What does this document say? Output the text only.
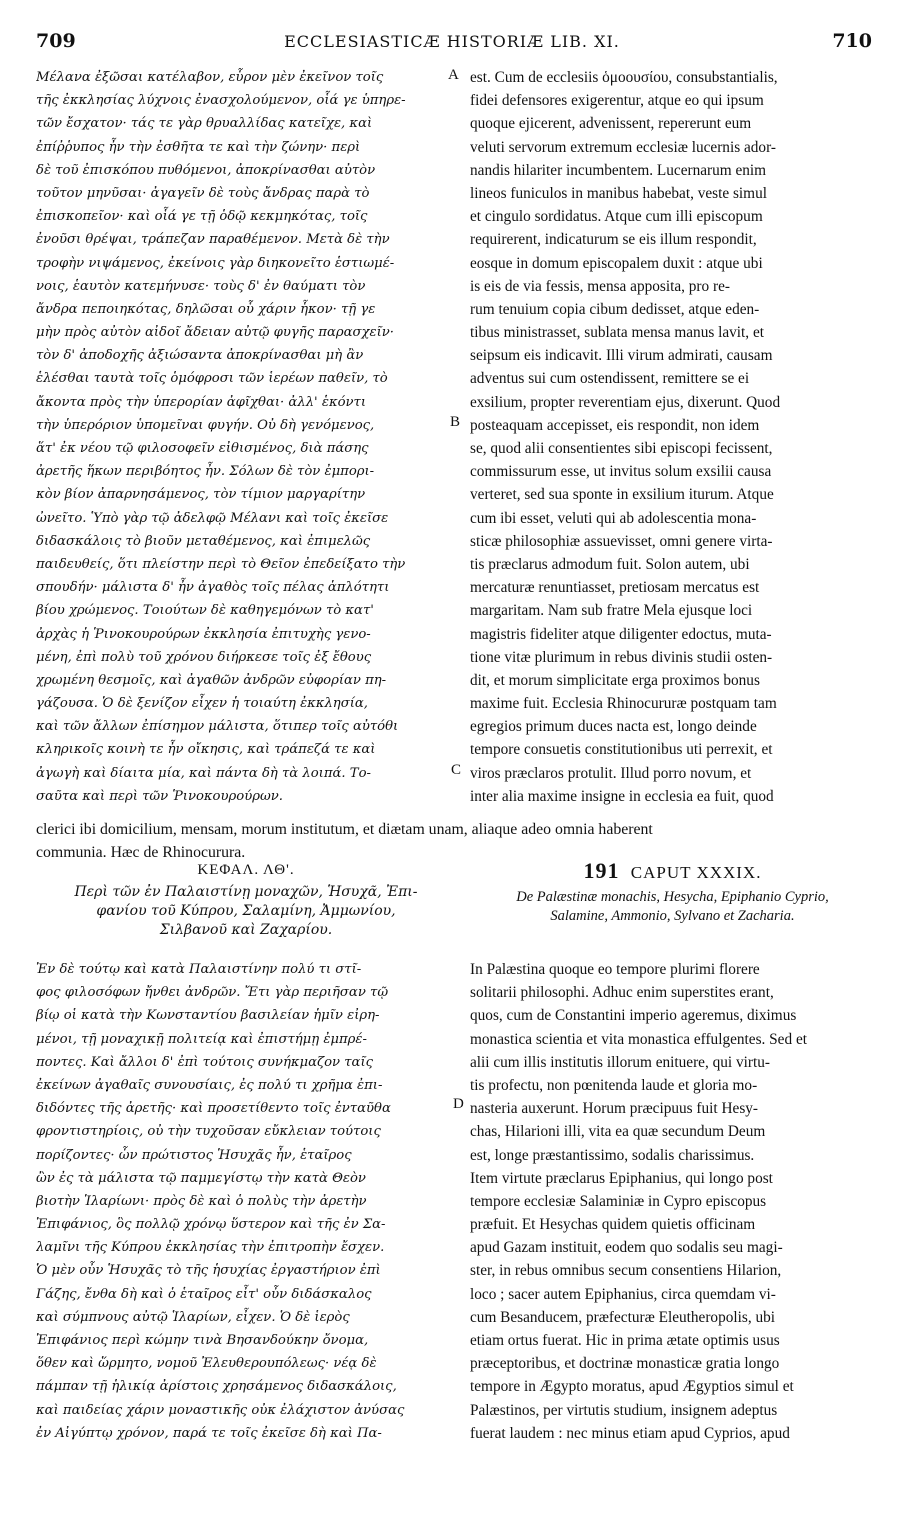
709	ECCLESIASTICÆ HISTORIÆ LIB. XI.	710
Μέλανα ἐξῶσαι κατέλαβον, εὗρον μὲν ἐκεῖνον τοῖς
τῆς ἐκκλησίας λύχνοις ἐνασχολούμενον, οἷά γε ὑπηρε-
τῶν ἔσχατον· τάς τε γὰρ θρυαλλίδας κατεῖχε, καὶ
ἐπίῤῥυπος ἦν τὴν ἐσθῆτα τε καὶ τὴν ζώνην· περὶ
δὲ τοῦ ἐπισκόπου πυθόμενοι, ἀποκρίνασθαι αὐτὸν
τοῦτον μηνῦσαι· ἀγαγεῖν δὲ τοὺς ἄνδρας παρὰ τὸ
ἐπισκοπεῖον· καὶ οἷά γε τῇ ὁδῷ κεκμηκότας, τοῖς
ἐνοῦσι θρέψαι, τράπεζαν παραθέμενον. Μετὰ δὲ τὴν
τροφὴν νιψάμενος, ἐκείνοις γὰρ διηκονεῖτο ἑστιωμέ-
νοις, ἑαυτὸν κατεμήνυσε· τοὺς δ' ἐν θαύματι τὸν
ἄνδρα πεποιηκότας, δηλῶσαι οὗ χάριν ἧκον· τῇ γε
μὴν πρὸς αὐτὸν αἰδοῖ ἄδειαν αὐτῷ φυγῆς παρασχεῖν·
τὸν δ' ἀποδοχῆς ἀξιώσαντα ἀποκρίνασθαι μὴ ἂν
ἑλέσθαι ταυτὰ τοῖς ὁμόφροσι τῶν ἱερέων παθεῖν, τὸ
ἄκοντα πρὸς τὴν ὑπερορίαν ἀφῖχθαι· ἀλλ' ἑκόντι
τὴν ὑπερόριον ὑπομεῖναι φυγήν. Οὐ δὴ γενόμενος,
ἅτ' ἐκ νέου τῷ φιλοσοφεῖν εἰθισμένος, διὰ πάσης
ἀρετῆς ἥκων περιβόητος ἦν. Σόλων δὲ τὸν ἐμπορι-
κὸν βίον ἀπαρνησάμενος, τὸν τίμιον μαργαρίτην
ὠνεῖτο. Ὑπὸ γὰρ τῷ ἀδελφῷ Μέλανι καὶ τοῖς ἐκεῖσε
διδασκάλοις τὸ βιοῦν μεταθέμενος, καὶ ἐπιμελῶς
παιδευθείς, ὅτι πλείστην περὶ τὸ Θεῖον ἐπεδείξατο τὴν
σπουδήν· μάλιστα δ' ἦν ἀγαθὸς τοῖς πέλας ἁπλότητι
βίου χρώμενος. Τοιούτων δὲ καθηγεμόνων τὸ κατ'
ἀρχὰς ἡ Ῥινοκουρούρων ἐκκλησία ἐπιτυχὴς γενο-
μένη, ἐπὶ πολὺ τοῦ χρόνου διήρκεσε τοῖς ἐξ ἔθους
χρωμένη θεσμοῖς, καὶ ἀγαθῶν ἀνδρῶν εὐφορίαν πη-
γάζουσα. Ὁ δὲ ξενίζον εἶχεν ἡ τοιαύτη ἐκκλησία,
καὶ τῶν ἄλλων ἐπίσημον μάλιστα, ὅτιπερ τοῖς αὐτόθι
κληρικοῖς κοινὴ τε ἦν οἴκησις, καὶ τράπεζά τε καὶ
ἀγωγὴ καὶ δίαιτα μία, καὶ πάντα δὴ τὰ λοιπά. Το-
σαῦτα καὶ περὶ τῶν Ῥινοκουρούρων.
est. Cum de ecclesiis ὁμοουσίου, consubstantialis,
fidei defensores exigerentur, atque eo qui ipsum
quoque ejicerent, advenissent, repererunt eum
veluti servorum extremum ecclesiæ lucernis ador-
nandis hilariter incumbentem. Lucernarum enim
lineos funiculos in manibus habebat, veste simul
et cingulo sordidatus. Atque cum illi episcopum
requirerent, indicaturum se eis illum respondit,
eosque in domum episcopalem duxit : atque ubi
is eis de via fessis, mensa apposita, pro re-
rum tenuium copia cibum dedisset, atque eden-
tibus ministrasset, sublata mensa manus lavit, et
seipsum eis indicavit. Illi virum admirati, causam
adventus sui cum ostendissent, remittere se ei
exsilium, propter reverentiam ejus, dixerunt. Quod
posteaquam accepisset, eis respondit, non idem
se, quod alii consentientes sibi episcopi fecissent,
commissurum esse, ut invitus solum exsilii causa
verteret, sed sua sponte in exsilium iturum. Atque
cum ibi esset, veluti qui ab adolescentia mona-
sticæ philosophiæ assuevisset, omni genere virta-
tis præclarus admodum fuit. Solon autem, ubi
mercaturæ renuntiasset, pretiosam mercatus est
margaritam. Nam sub fratre Mela ejusque loci
magistris fideliter atque diligenter edoctus, muta-
tione vitæ plurimum in rebus divinis studii osten-
dit, et morum simplicitate erga proximos bonus
maxime fuit. Ecclesia Rhinocururæ postquam tam
egregios primum duces nacta est, longo deinde
tempore consuetis constitutionibus uti perrexit, et
viros præclaros protulit. Illud porro novum, et
inter alia maxime insigne in ecclesia ea fuit, quod
A
B
C
D
clerici ibi domicilium, mensam, morum institutum, et diætam unam, aliaque adeo omnia haberent
communia. Hæc de Rhinocurura.
ΚΕΦΑΛ. ΛΘ'.
Περὶ τῶν ἐν Παλαιστίνῃ μοναχῶν, Ἡσυχᾶ, Ἐπι-
φανίου τοῦ Κύπρου, Σαλαμίνη, Ἀμμωνίου,
Σιλβανοῦ καὶ Ζαχαρίου.
191 CAPUT XXXIX.
De Palæstinæ monachis, Hesycha, Epiphanio Cyprio,
Salamine, Ammonio, Sylvano et Zacharia.
Ἐν δὲ τούτῳ καὶ κατὰ Παλαιστίνην πολύ τι στῖ-
φος φιλοσόφων ἤνθει ἀνδρῶν. Ἔτι γὰρ περιῆσαν τῷ
βίῳ οἱ κατὰ τὴν Κωνσταντίου βασιλείαν ἡμῖν εἰρη-
μένοι, τῇ μοναχικῇ πολιτείᾳ καὶ ἐπιστήμῃ ἐμπρέ-
ποντες. Καὶ ἄλλοι δ' ἐπὶ τούτοις συνήκμαζον ταῖς
ἐκείνων ἀγαθαῖς συνουσίαις, ἐς πολύ τι χρῆμα ἐπι-
διδόντες τῆς ἀρετῆς· καὶ προσετίθεντο τοῖς ἐνταῦθα
φροντιστηρίοις, οὐ τὴν τυχοῦσαν εὔκλειαν τούτοις
πορίζοντες· ὧν πρώτιστος Ἡσυχᾶς ἦν, ἑταῖρος
ὢν ἐς τὰ μάλιστα τῷ παμμεγίστῳ τὴν κατὰ Θεὸν
βιοτὴν Ἱλαρίωνι· πρὸς δὲ καὶ ὁ πολὺς τὴν ἀρετὴν
Ἐπιφάνιος, ὃς πολλῷ χρόνῳ ὕστερον καὶ τῆς ἐν Σα-
λαμῖνι τῆς Κύπρου ἐκκλησίας τὴν ἐπιτροπὴν ἔσχεν.
Ὁ μὲν οὖν Ἡσυχᾶς τὸ τῆς ἡσυχίας ἐργαστήριον ἐπὶ
Γάζης, ἔνθα δὴ καὶ ὁ ἑταῖρος εἶτ' οὖν διδάσκαλος
καὶ σύμπνους αὐτῷ Ἱλαρίων, εἶχεν. Ὁ δὲ ἱερὸς
Ἐπιφάνιος περὶ κώμην τινὰ Βησανδούκην ὄνομα,
ὅθεν καὶ ὥρμητο, νομοῦ Ἐλευθερουπόλεως· νέᾳ δὲ
πάμπαν τῇ ἡλικίᾳ ἀρίστοις χρησάμενος διδασκάλοις,
καὶ παιδείας χάριν μοναστικῆς οὐκ ἐλάχιστον ἀνύσας
ἐν Αἰγύπτῳ χρόνον, παρά τε τοῖς ἐκεῖσε δὴ καὶ Πα-
In Palæstina quoque eo tempore plurimi florere
solitarii philosophi. Adhuc enim superstites erant,
quos, cum de Constantini imperio ageremus, diximus
monastica scientia et vita monastica effulgentes. Sed et
alii cum illis institutis illorum enituere, qui virtu-
tis profectu, non pœnitenda laude et gloria mo-
nasteria auxerunt. Horum præcipuus fuit Hesy-
chas, Hilarioni illi, vita ea quæ secundum Deum
est, longe præstantissimo, sodalis charissimus.
Item virtute præclarus Epiphanius, qui longo post
tempore ecclesiæ Salaminiæ in Cypro episcopus
præfuit. Et Hesychas quidem quietis officinam
apud Gazam instituit, eodem quo sodalis seu magi-
ster, in rebus omnibus secum consentiens Hilarion,
loco ; sacer autem Epiphanius, circa quemdam vi-
cum Besanducem, præfecturæ Eleutheropolis, ubi
etiam ortus fuerat. Hic in prima ætate optimis usus
præceptoribus, et doctrinæ monasticæ gratia longo
tempore in Ægypto moratus, apud Ægyptios simul et
Palæstinos, per virtutis studium, insignem adeptus
fuerat laudem : nec minus etiam apud Cyprios, apud
